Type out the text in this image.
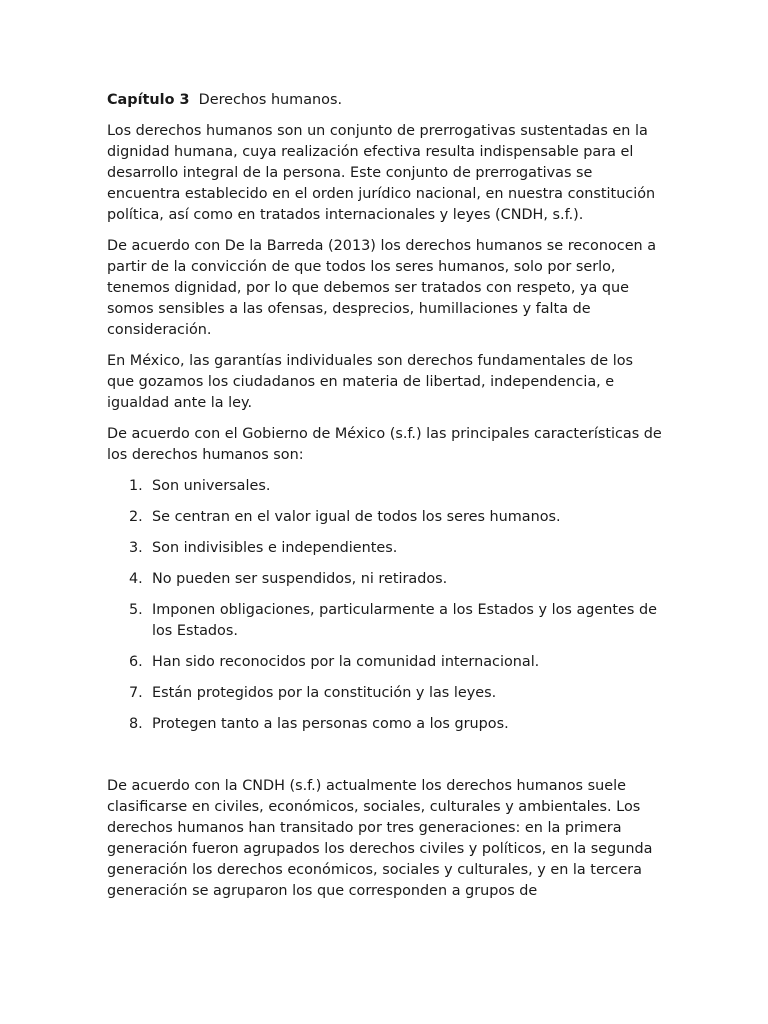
Capítulo 3 Derechos humanos.

Los derechos humanos son un conjunto de prerrogativas sustentadas en la dignidad humana, cuya realización efectiva resulta indispensable para el desarrollo integral de la persona. Este conjunto de prerrogativas se encuentra establecido en el orden jurídico nacional, en nuestra constitución política, así como en tratados internacionales y leyes (CNDH, s.f.).

De acuerdo con De la Barreda (2013) los derechos humanos se reconocen a partir de la convicción de que todos los seres humanos, solo por serlo, tenemos dignidad, por lo que debemos ser tratados con respeto, ya que somos sensibles a las ofensas, desprecios, humillaciones y falta de consideración.

En México, las garantías individuales son derechos fundamentales de los que gozamos los ciudadanos en materia de libertad, independencia, e igualdad ante la ley.

De acuerdo con el Gobierno de México (s.f.) las principales características de los derechos humanos son:

1. Son universales.
2. Se centran en el valor igual de todos los seres humanos.
3. Son indivisibles e independientes.
4. No pueden ser suspendidos, ni retirados.
5. Imponen obligaciones, particularmente a los Estados y los agentes de los Estados.
6. Han sido reconocidos por la comunidad internacional.
7. Están protegidos por la constitución y las leyes.
8. Protegen tanto a las personas como a los grupos.

De acuerdo con la CNDH (s.f.) actualmente los derechos humanos suele clasificarse en civiles, económicos, sociales, culturales y ambientales. Los derechos humanos han transitado por tres generaciones: en la primera generación fueron agrupados los derechos civiles y políticos, en la segunda generación los derechos económicos, sociales y culturales, y en la tercera generación se agruparon los que corresponden a grupos de
